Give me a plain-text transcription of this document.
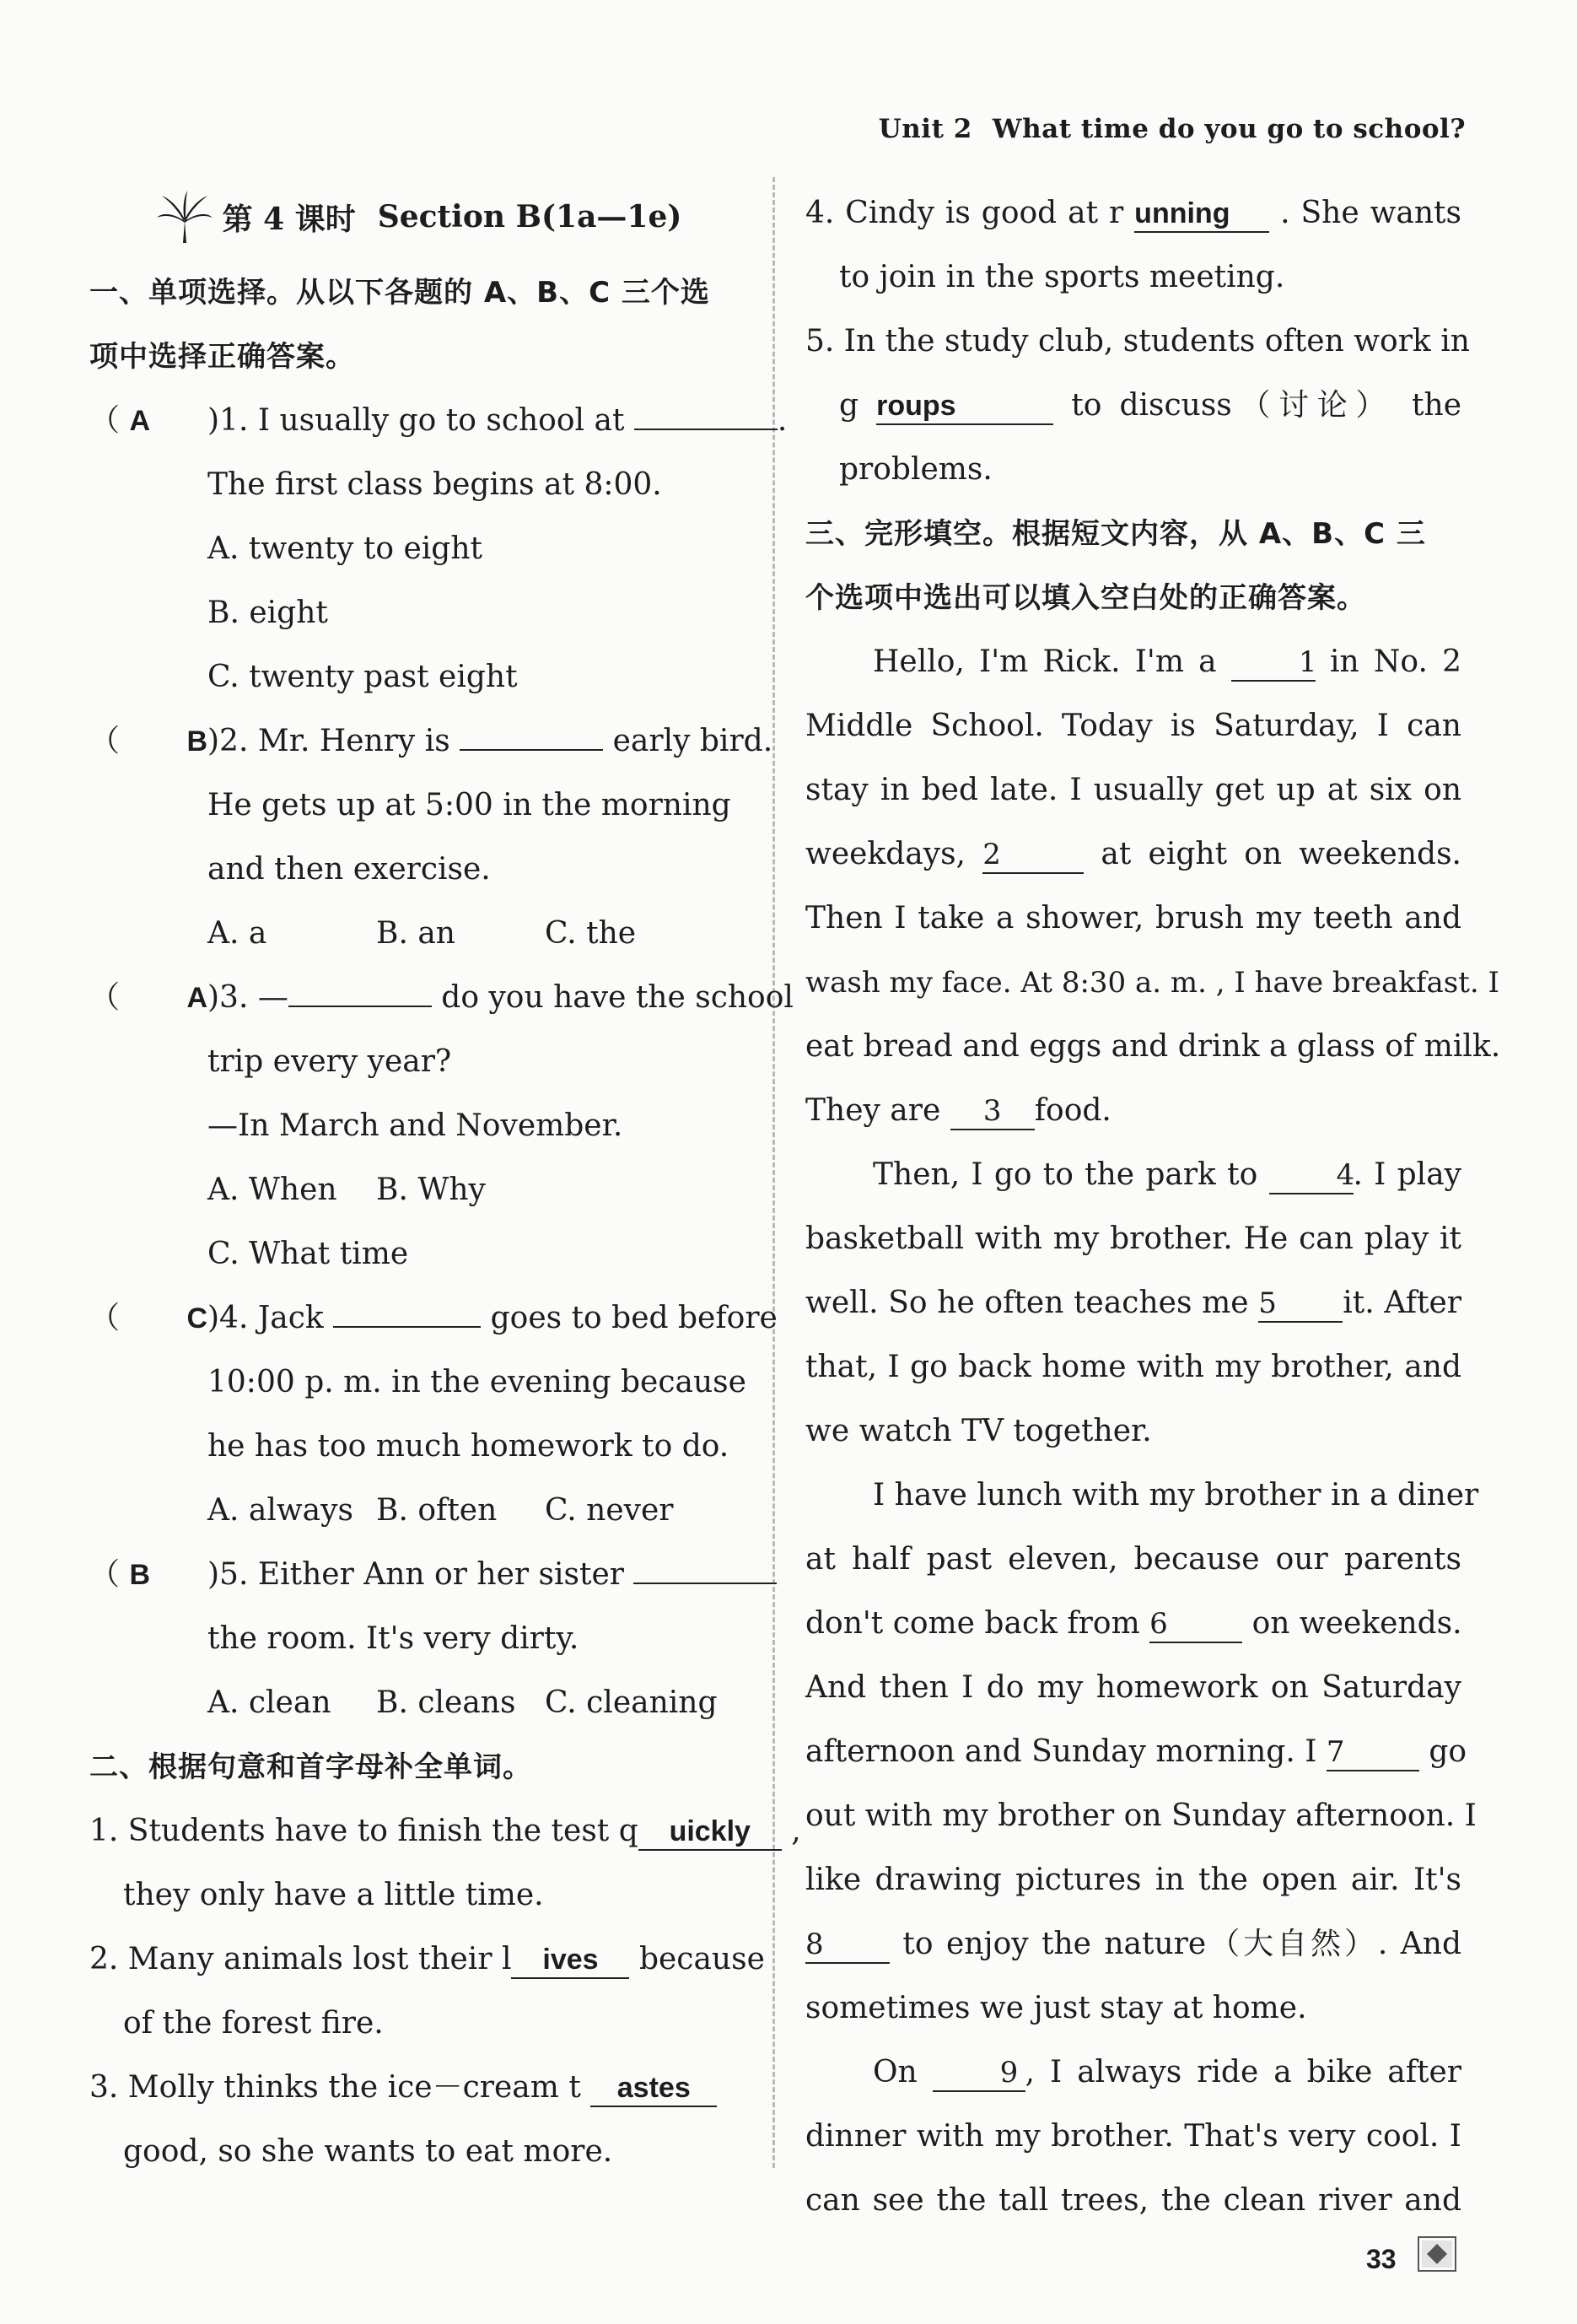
Unit 2 What time do you go to school?
第 4 课时 Section B(1a—1e)
一、单项选择。从以下各题的 A、B、C 三个选
项中选择正确答案。
（ A )1. I usually go to school at	.
The first class begins at 8:00.
A. twenty to eight
B. eight
C. twenty past eight
（ B)2. Mr. Henry is	early bird.
He gets up at 5:00 in the morning
and then exercise.
A. a	B. an	C. the
（ A)3. —	do you have the school
trip every year?
—In March and November.
A. When B. Why
C. What time
（ C)4. Jack	goes to bed before
10:00 p. m. in the evening because
he has too much homework to do.
A. always B. often C. never
（ B )5. Either Ann or her sister
the room. It's very dirty.
A. clean B. cleans C. cleaning
二、根据句意和首字母补全单词。
1. Students have to finish the test q uickly ,
they only have a little time.
2. Many animals lost their l ives because
of the forest fire.
3. Molly thinks the ice－cream t astes
good, so she wants to eat more.
4. Cindy is good at r unning . She wants
to join in the sports meeting.
5. In the study club, students often work in
g roups	to discuss（讨论） the
problems.
三、完形填空。根据短文内容，从 A、B、C 三
个选项中选出可以填入空白处的正确答案。
Hello, I'm Rick. I'm a	1 in No. 2
Middle School. Today is Saturday, I can
stay in bed late. I usually get up at six on
weekdays, 2	at eight on weekends.
Then I take a shower, brush my teeth and
wash my face. At 8:30 a. m. , I have breakfast. I
eat bread and eggs and drink a glass of milk.
They are 3 food.
Then, I go to the park to	4. I play
basketball with my brother. He can play it
well. So he often teaches me 5 it. After
that, I go back home with my brother, and
we watch TV together.
I have lunch with my brother in a diner
at half past eleven, because our parents
don't come back from 6	on weekends.
And then I do my homework on Saturday
afternoon and Sunday morning. I 7	go
out with my brother on Sunday afternoon. I
like drawing pictures in the open air. It's
8	to enjoy the nature（大自然）. And
sometimes we just stay at home.
On	9 , I always ride a bike after
dinner with my brother. That's very cool. I
can see the tall trees, the clean river and
33
